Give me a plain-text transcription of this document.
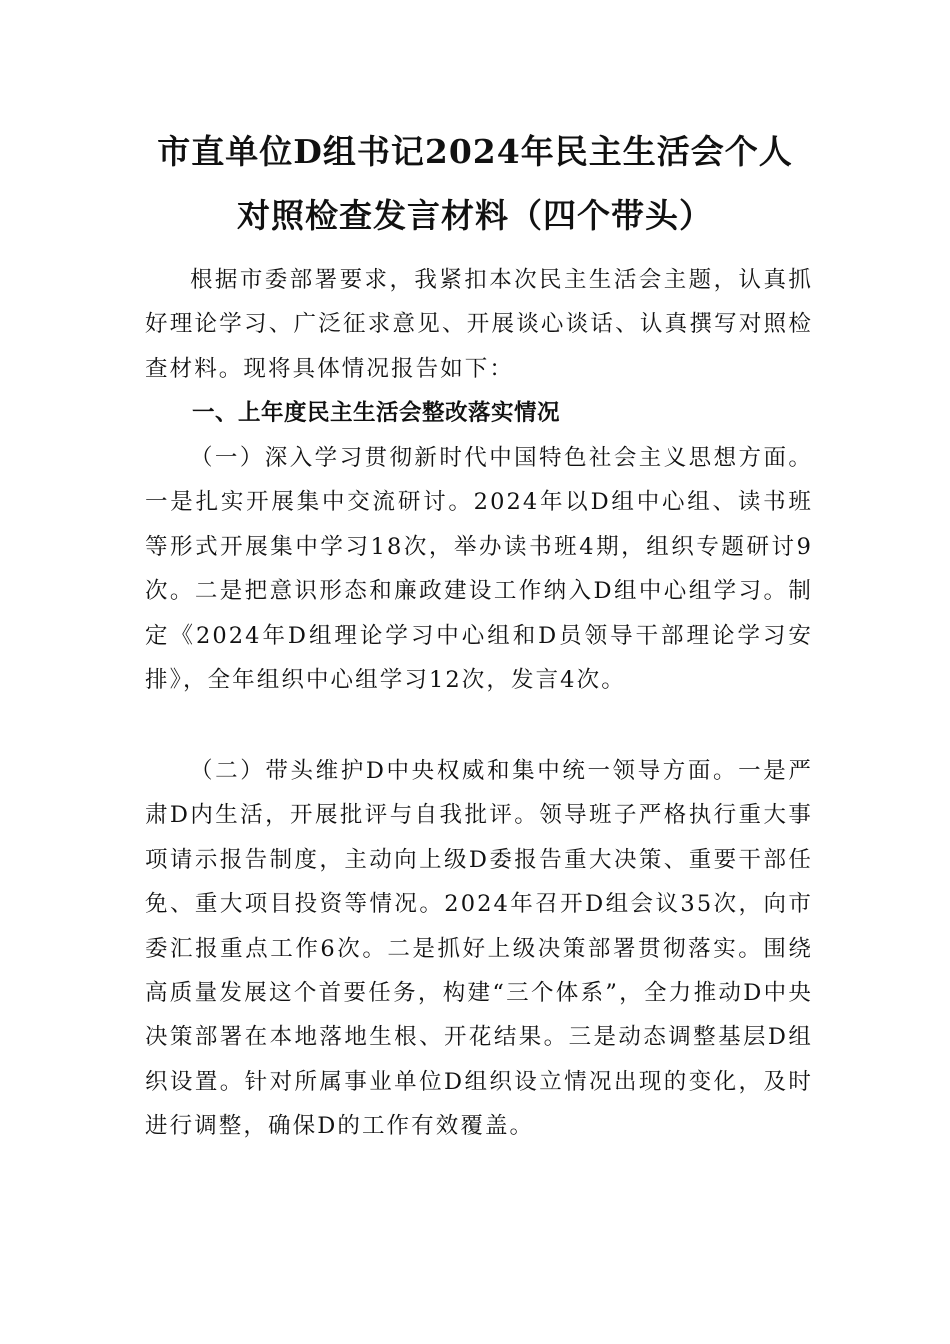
市直单位D组书记2024年民主生活会个人
对照检查发言材料（四个带头）

根据市委部署要求，我紧扣本次民主生活会主题，认真抓好理论学习、广泛征求意见、开展谈心谈话、认真撰写对照检查材料。现将具体情况报告如下：

一、上年度民主生活会整改落实情况

（一）深入学习贯彻新时代中国特色社会主义思想方面。一是扎实开展集中交流研讨。2024年以D组中心组、读书班等形式开展集中学习18次，举办读书班4期，组织专题研讨9次。二是把意识形态和廉政建设工作纳入D组中心组学习。制定《2024年D组理论学习中心组和D员领导干部理论学习安排》，全年组织中心组学习12次，发言4次。

（二）带头维护D中央权威和集中统一领导方面。一是严肃D内生活，开展批评与自我批评。领导班子严格执行重大事项请示报告制度，主动向上级D委报告重大决策、重要干部任免、重大项目投资等情况。2024年召开D组会议35次，向市委汇报重点工作6次。二是抓好上级决策部署贯彻落实。围绕高质量发展这个首要任务，构建“三个体系”，全力推动D中央决策部署在本地落地生根、开花结果。三是动态调整基层D组织设置。针对所属事业单位D组织设立情况出现的变化，及时进行调整，确保D的工作有效覆盖。
